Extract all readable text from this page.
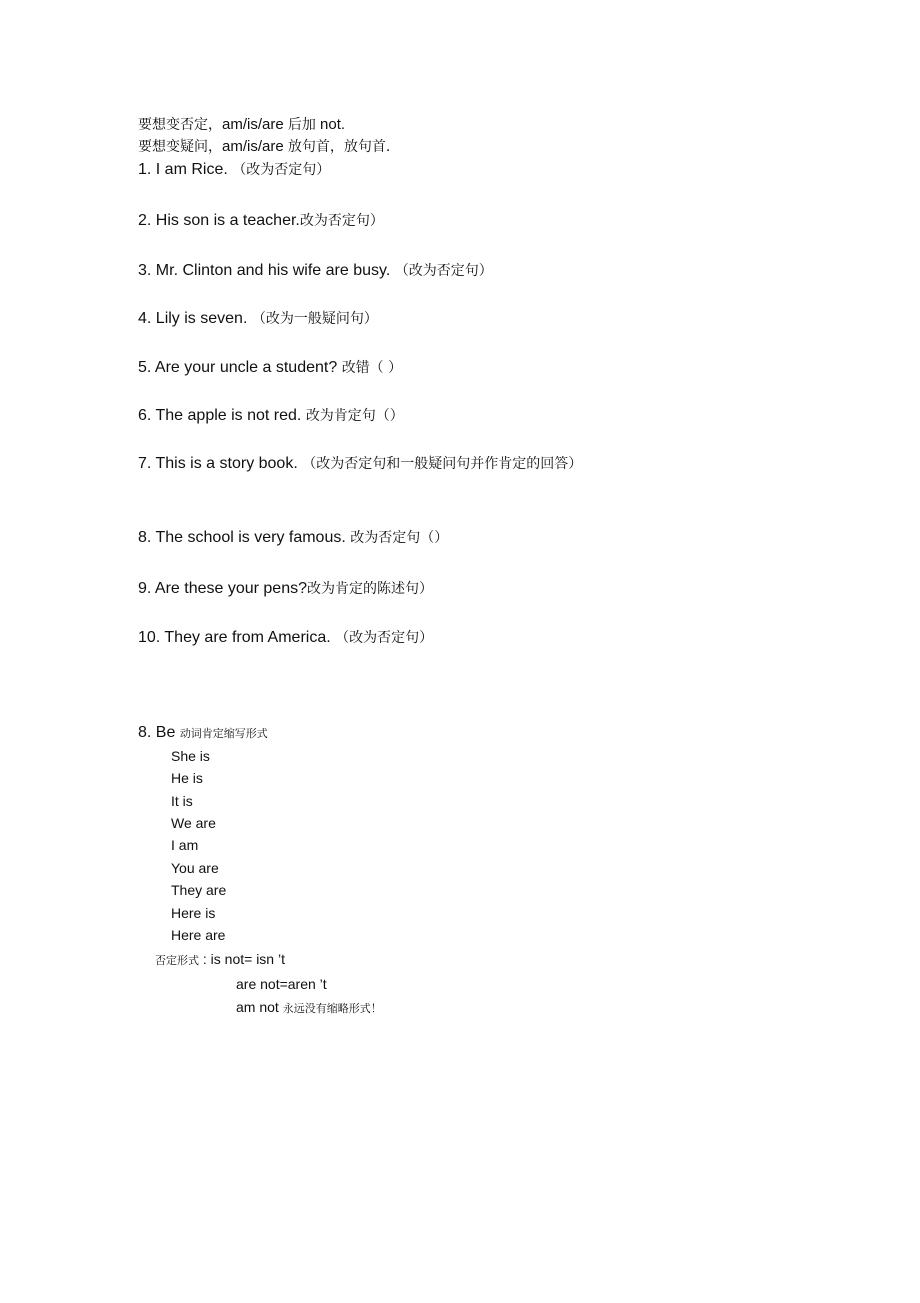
要想变否定，am/is/are 后加 not.
要想变疑问，am/is/are 放句首，放句首.
1. I am Rice. （改为否定句）
2. His son is a teacher.改为否定句）
3. Mr. Clinton and his wife are busy. （改为否定句）
4. Lily is seven. （改为一般疑问句）
5. Are your uncle a student? 改错（ ）
6. The apple is not red. 改为肯定句（）
7. This is a story book. （改为否定句和一般疑问句并作肯定的回答）
8. The school is very famous. 改为否定句（）
9. Are these your pens?改为肯定的陈述句）
10. They are from America. （改为否定句）
8. Be 动词肯定缩写形式
She is
He is
It is
We are
I am
You are
They are
Here is
Here are
否定形式 : is not= isn ’t
are not=aren ’t
am not 永远没有缩略形式！
